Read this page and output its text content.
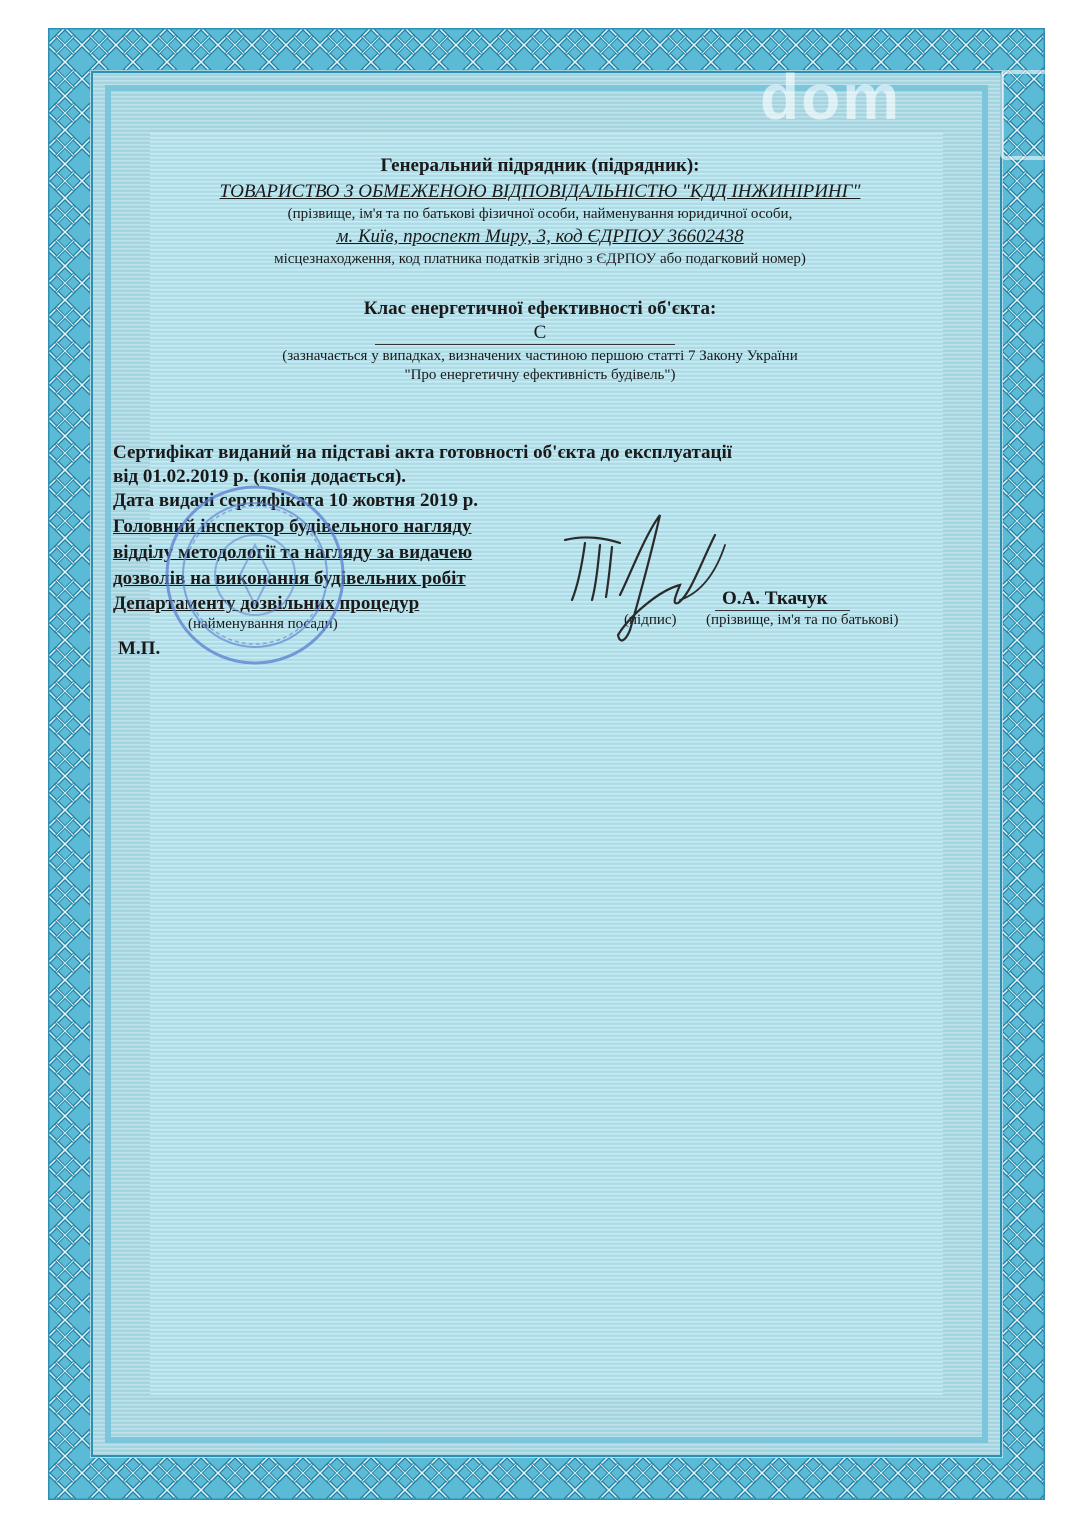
dom
Генеральний підрядник (підрядник):
ТОВАРИСТВО З ОБМЕЖЕНОЮ ВІДПОВІДАЛЬНІСТЮ "КДД ІНЖИНІРИНГ"
(прізвище, ім'я та по батькові фізичної особи, найменування юридичної особи,
м. Київ, проспект Миру, 3, код ЄДРПОУ 36602438
місцезнаходження, код платника податків згідно з ЄДРПОУ або подагковий номер)
Клас енергетичної ефективності об'єкта:
С
(зазначається у випадках, визначених частиною першою статті 7 Закону України
"Про енергетичну ефективність будівель")
Сертифікат виданий на підставі акта готовності об'єкта до експлуатації
від 01.02.2019 р. (копія додається).
Дата видачі сертифіката 10 жовтня 2019 р.
Головний інспектор будівельного нагляду
відділу методології та нагляду за видачею
дозволів на виконання будівельних робіт
Департаменту дозвільних процедур
(найменування посади)	(підпис)
О.А. Ткачук
(прізвище, ім'я та по батькові)
М.П.
